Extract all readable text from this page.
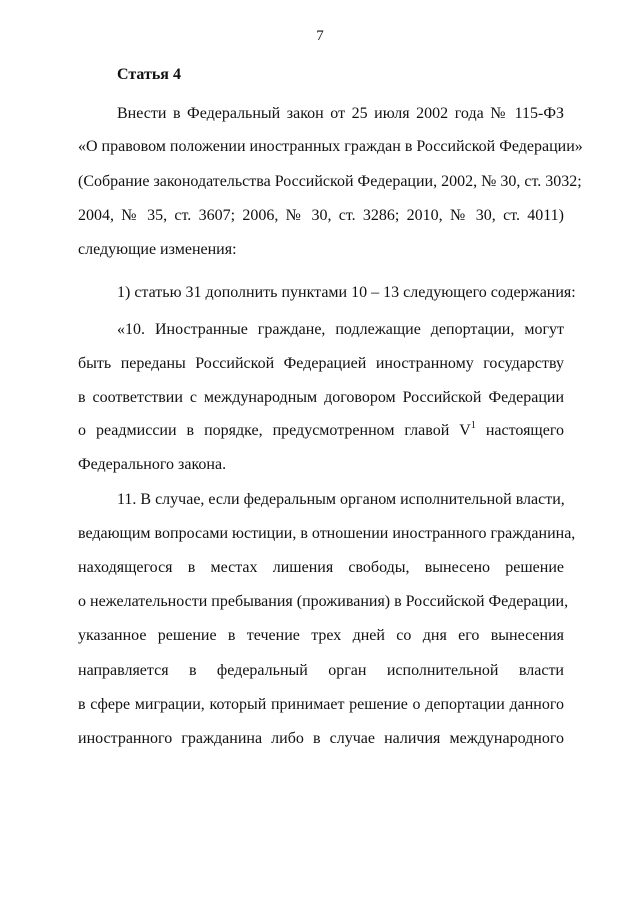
7
Статья 4
Внести в Федеральный закон от 25 июля 2002 года № 115-ФЗ
«О правовом положении иностранных граждан в Российской Федерации»
(Собрание законодательства Российской Федерации, 2002, № 30, ст. 3032;
2004, № 35, ст. 3607; 2006, № 30, ст. 3286; 2010, № 30, ст. 4011)
следующие изменения:
1) статью 31 дополнить пунктами 10 – 13 следующего содержания:
«10. Иностранные граждане, подлежащие депортации, могут
быть переданы Российской Федерацией иностранному государству
в соответствии с международным договором Российской Федерации
о реадмиссии в порядке, предусмотренном главой $V^1$ настоящего
Федерального закона.
11. В случае, если федеральным органом исполнительной власти,
ведающим вопросами юстиции, в отношении иностранного гражданина,
находящегося в местах лишения свободы, вынесено решение
о нежелательности пребывания (проживания) в Российской Федерации,
указанное решение в течение трех дней со дня его вынесения
направляется в федеральный орган исполнительной власти
в сфере миграции, который принимает решение о депортации данного
иностранного гражданина либо в случае наличия международного
